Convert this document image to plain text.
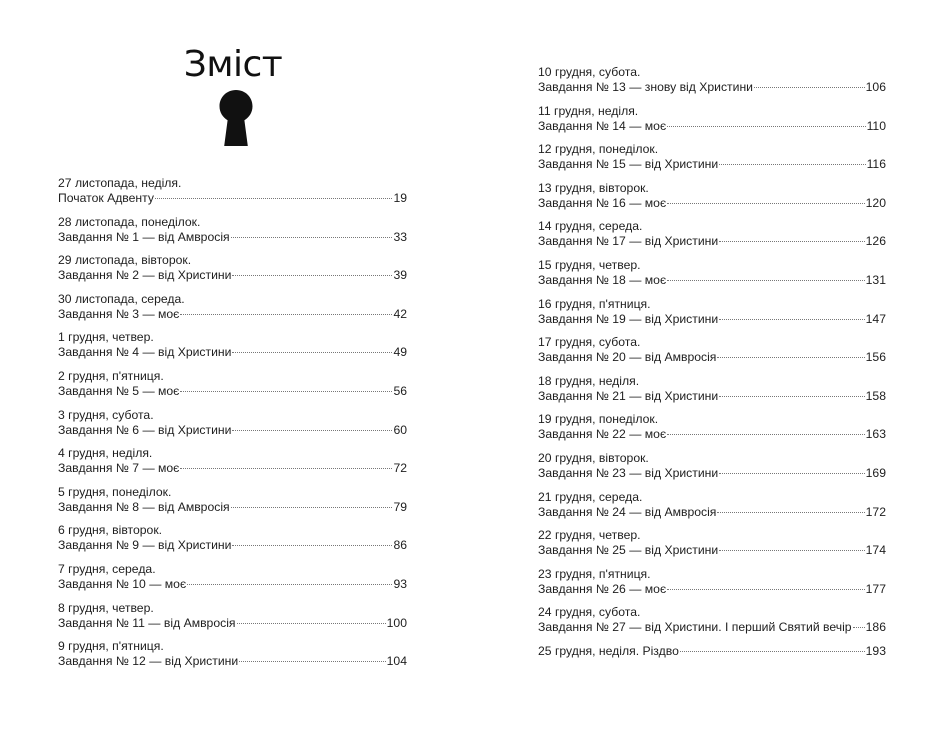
Зміст
27 листопада, неділя.
Початок Адвенту	19
28 листопада, понеділок.
Завдання № 1 — від Амвросія	33
29 листопада, вівторок.
Завдання № 2 — від Христини	39
30 листопада, середа.
Завдання № 3 — моє	42
1 грудня, четвер.
Завдання № 4 — від Христини	49
2 грудня, п'ятниця.
Завдання № 5 — моє	56
3 грудня, субота.
Завдання № 6 — від Христини	60
4 грудня, неділя.
Завдання № 7 — моє	72
5 грудня, понеділок.
Завдання № 8 — від Амвросія	79
6 грудня, вівторок.
Завдання № 9 — від Христини	86
7 грудня, середа.
Завдання № 10 — моє	93
8 грудня, четвер.
Завдання № 11 — від Амвросія	100
9 грудня, п'ятниця.
Завдання № 12 — від Христини	104
10 грудня, субота.
Завдання № 13 — знову від Христини	106
11 грудня, неділя.
Завдання № 14 — моє	110
12 грудня, понеділок.
Завдання № 15 — від Христини	116
13 грудня, вівторок.
Завдання № 16 — моє	120
14 грудня, середа.
Завдання № 17 — від Христини	126
15 грудня, четвер.
Завдання № 18 — моє	131
16 грудня, п'ятниця.
Завдання № 19 — від Христини	147
17 грудня, субота.
Завдання № 20 — від Амвросія	156
18 грудня, неділя.
Завдання № 21 — від Христини	158
19 грудня, понеділок.
Завдання № 22 — моє	163
20 грудня, вівторок.
Завдання № 23 — від Христини	169
21 грудня, середа.
Завдання № 24 — від Амвросія	172
22 грудня, четвер.
Завдання № 25 — від Христини	174
23 грудня, п'ятниця.
Завдання № 26 — моє	177
24 грудня, субота.
Завдання № 27 — від Христини. І перший Святий вечір 186
25 грудня, неділя. Різдво	193
